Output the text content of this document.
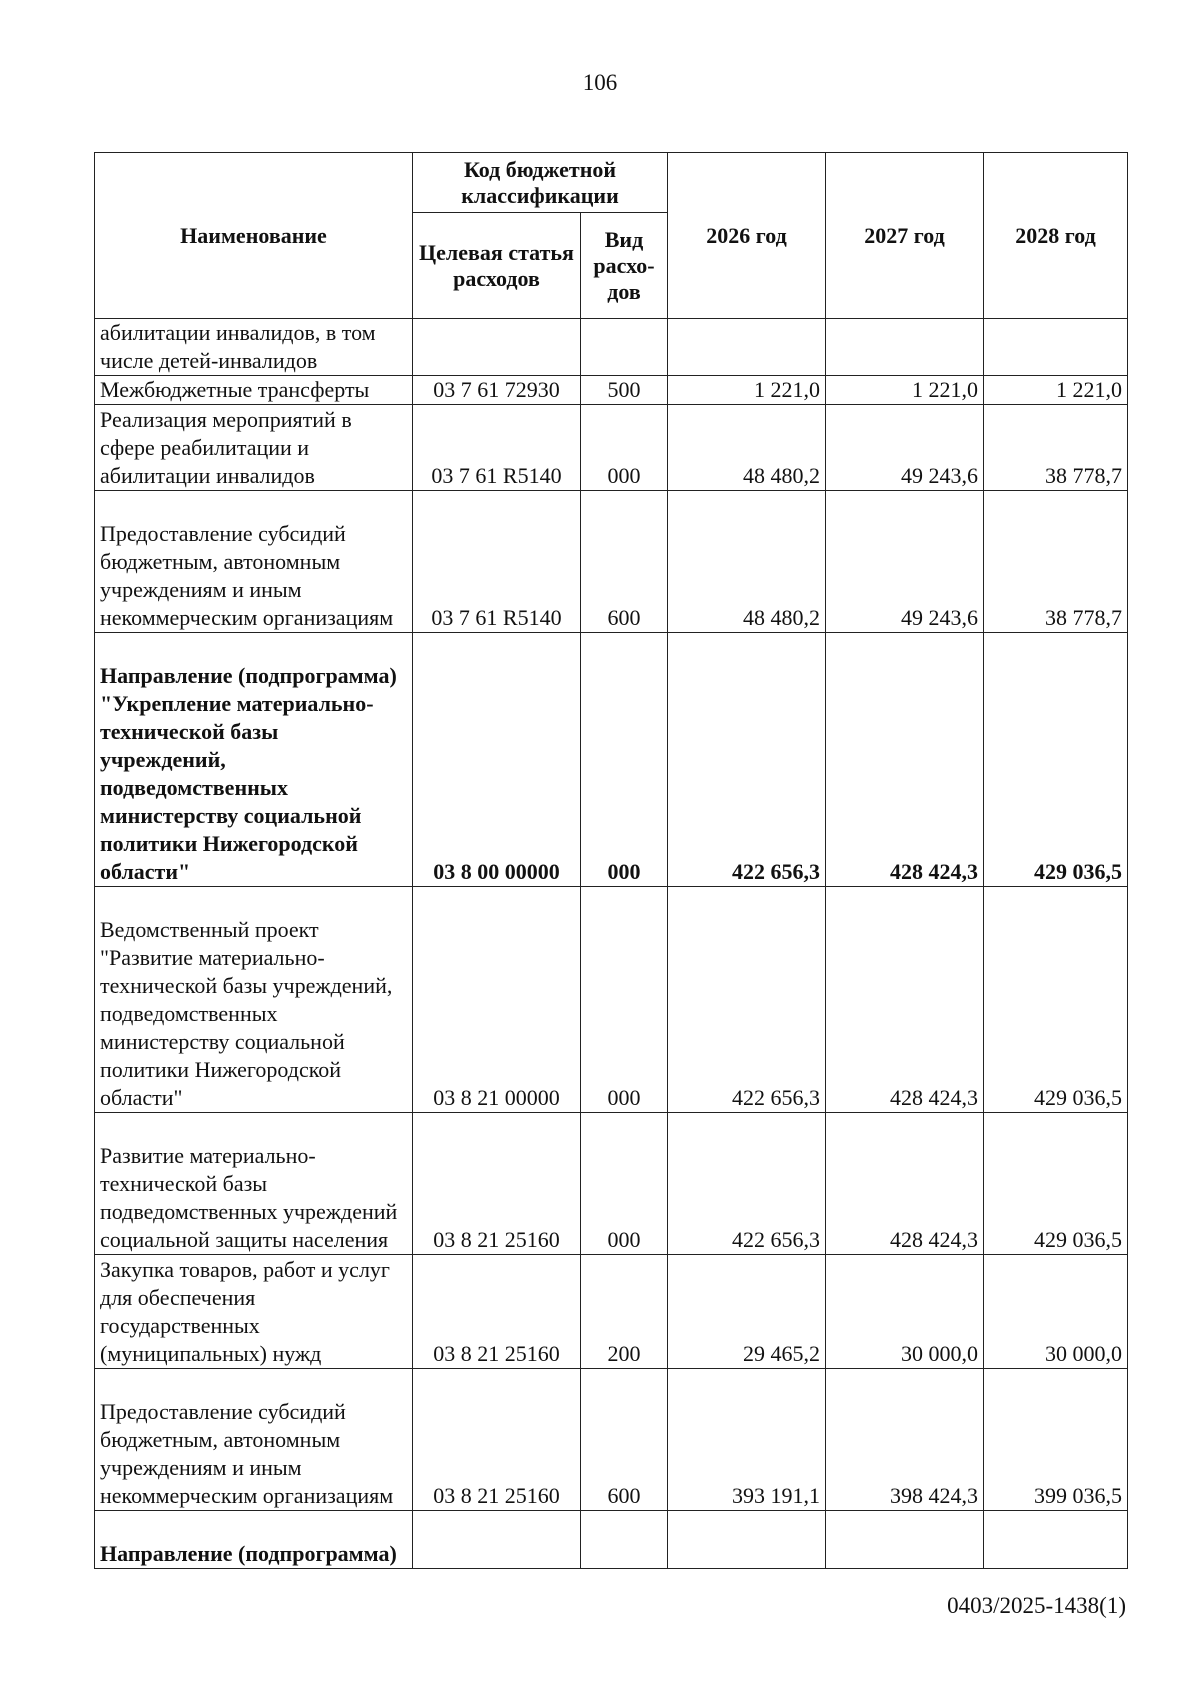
106
Наименование	Код бюджетной классификации		2026 год	2027 год	2028 год
	Целевая статья расходов	Вид расхо-дов			
абилитации инвалидов, в том числе детей-инвалидов					
Межбюджетные трансферты	03 7 61 72930	500	1 221,0	1 221,0	1 221,0
Реализация мероприятий в сфере реабилитации и абилитации инвалидов	03 7 61 R5140	000	48 480,2	49 243,6	38 778,7
Предоставление субсидий бюджетным, автономным учреждениям и иным некоммерческим организациям	03 7 61 R5140	600	48 480,2	49 243,6	38 778,7
Направление (подпрограмма) "Укрепление материально-технической базы учреждений, подведомственных министерству социальной политики Нижегородской области"	03 8 00 00000	000	422 656,3	428 424,3	429 036,5
Ведомственный проект "Развитие материально-технической базы учреждений, подведомственных министерству социальной политики Нижегородской области"	03 8 21 00000	000	422 656,3	428 424,3	429 036,5
Развитие материально-технической базы подведомственных учреждений социальной защиты населения	03 8 21 25160	000	422 656,3	428 424,3	429 036,5
Закупка товаров, работ и услуг для обеспечения государственных (муниципальных) нужд	03 8 21 25160	200	29 465,2	30 000,0	30 000,0
Предоставление субсидий бюджетным, автономным учреждениям и иным некоммерческим организациям	03 8 21 25160	600	393 191,1	398 424,3	399 036,5
Направление (подпрограмма)					
0403/2025-1438(1)
